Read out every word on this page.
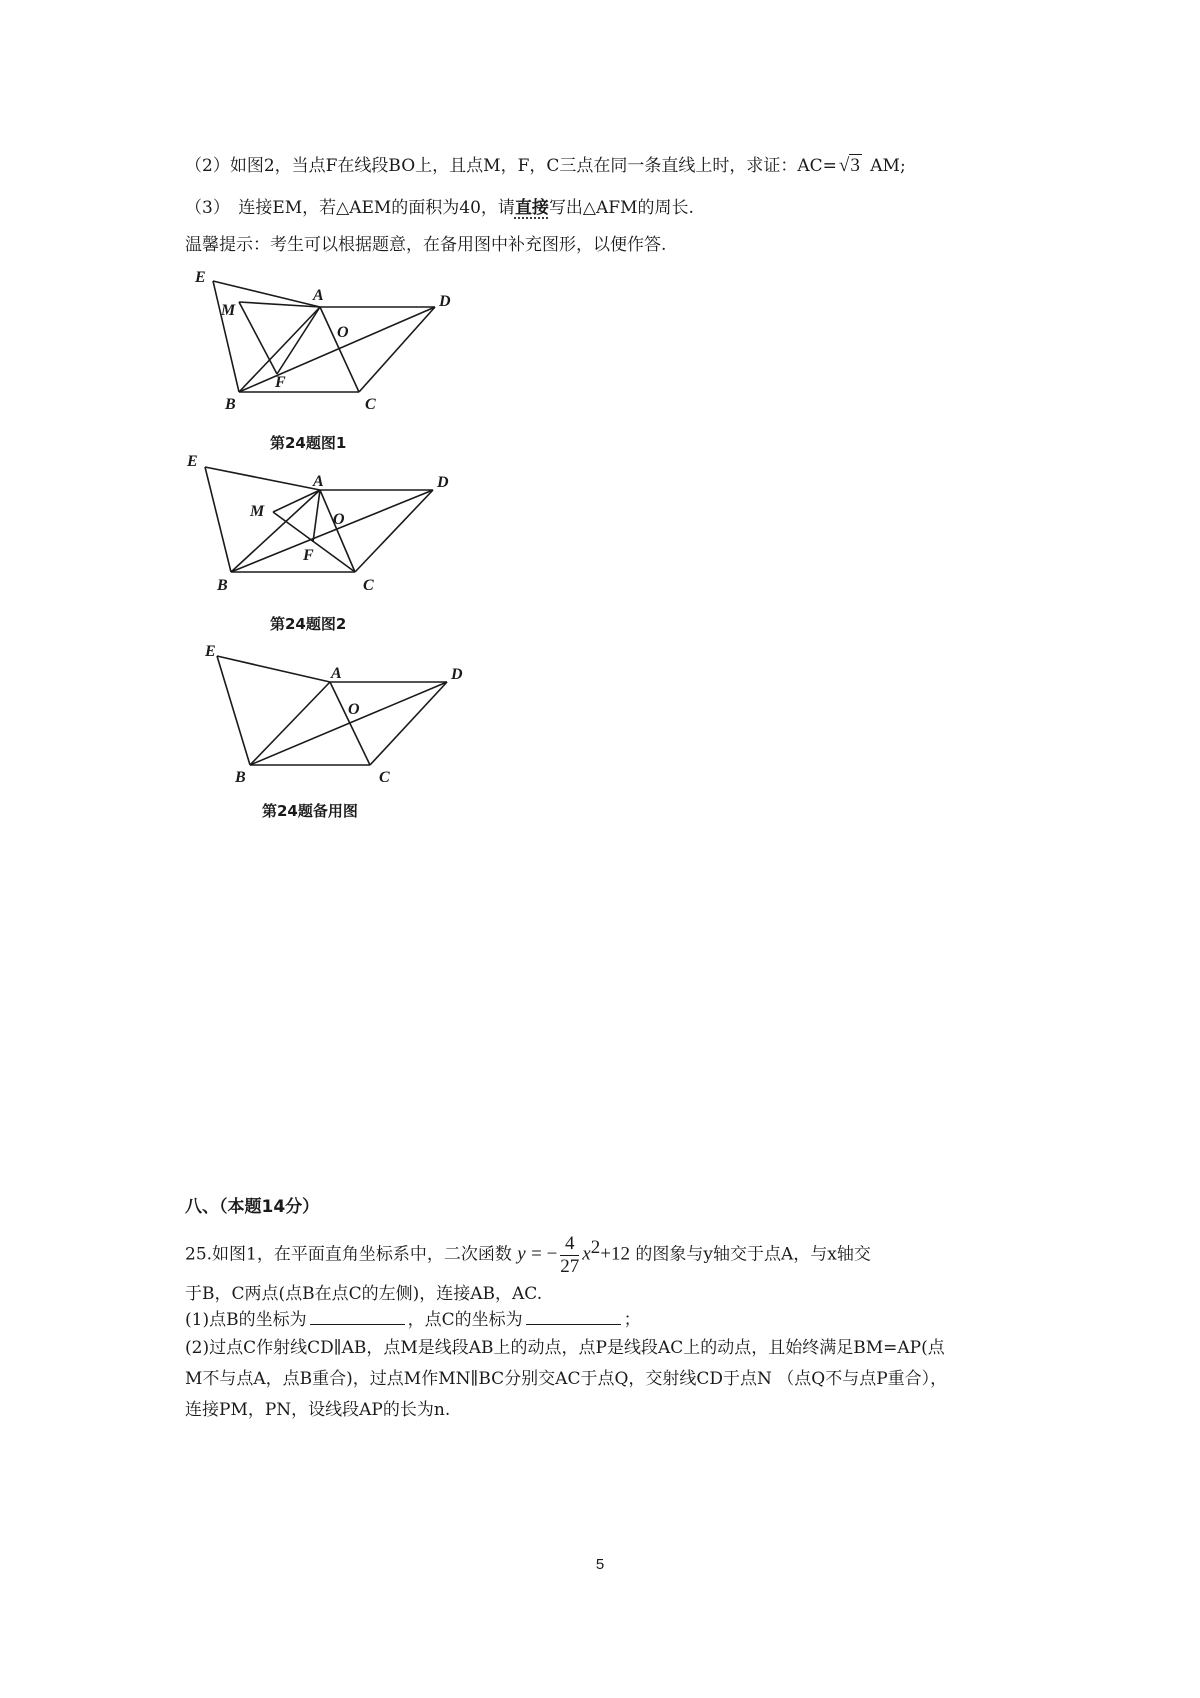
（2）如图2，当点F在线段BO上，且点M，F，C三点在同一条直线上时，求证：AC= √3 AM;
（3）　连接EM，若△AEM的面积为40，请直接写出△AFM的周长.
温馨提示：考生可以根据题意，在备用图中补充图形，以便作答.
E
A	D
M
O
F
B	C
第24题图1
E
A	D
M	O
F
B	C
第24题图2
E
A	D
O
B	C
第24题备用图
八、（本题14分）
25.如图1，在平面直角坐标系中，二次函数 y = − $\frac{4}{27} x^2+12$ 的图象与y轴交于点A，与x轴交
于B，C两点(点B在点C的左侧)，连接AB，AC.
(1)点B的坐标为	，点C的坐标为	；
(2)过点C作射线CD∥AB，点M是线段AB上的动点，点P是线段AC上的动点，且始终满足BM=AP(点
M不与点A，点B重合)，过点M作MN∥BC分别交AC于点Q，交射线CD于点N （点Q不与点P重合），
连接PM，PN，设线段AP的长为n.
5
